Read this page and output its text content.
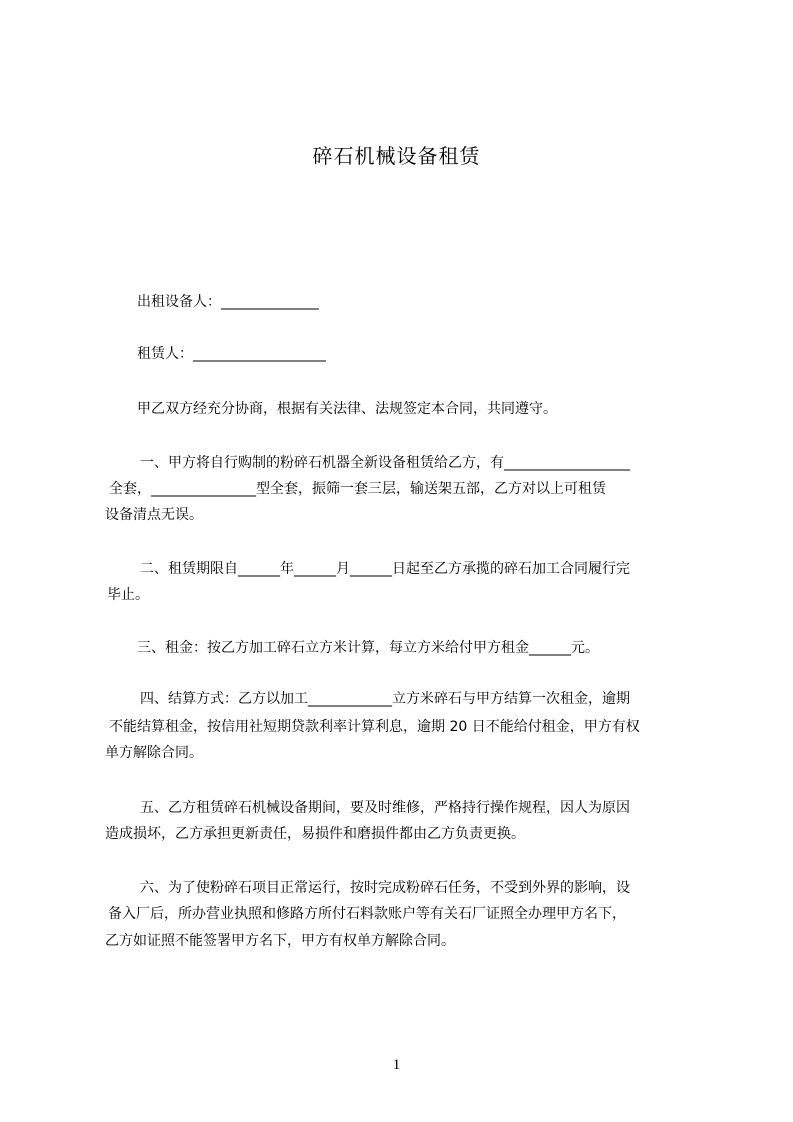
碎石机械设备租赁
出租设备人：______________
租赁人：___________________
甲乙双方经充分协商，根据有关法律、法规签定本合同，共同遵守。
一、甲方将自行购制的粉碎石机器全新设备租赁给乙方，有__________________
全套，_______________型全套，振筛一套三层，输送架五部，乙方对以上可租赁
设备清点无误。
二、租赁期限自______年______月______日起至乙方承揽的碎石加工合同履行完
毕止。
三、租金：按乙方加工碎石立方米计算，每立方米给付甲方租金______元。
四、结算方式：乙方以加工____________立方米碎石与甲方结算一次租金，逾期
不能结算租金，按信用社短期贷款利率计算利息，逾期 20 日不能给付租金，甲方有权
单方解除合同。
五、乙方租赁碎石机械设备期间，要及时维修，严格持行操作规程，因人为原因
造成损坏，乙方承担更新责任，易损件和磨损件都由乙方负责更换。
六、为了使粉碎石项目正常运行，按时完成粉碎石任务，不受到外界的影响，设
备入厂后，所办营业执照和修路方所付石料款账户等有关石厂证照全办理甲方名下，
乙方如证照不能签署甲方名下，甲方有权单方解除合同。
1
